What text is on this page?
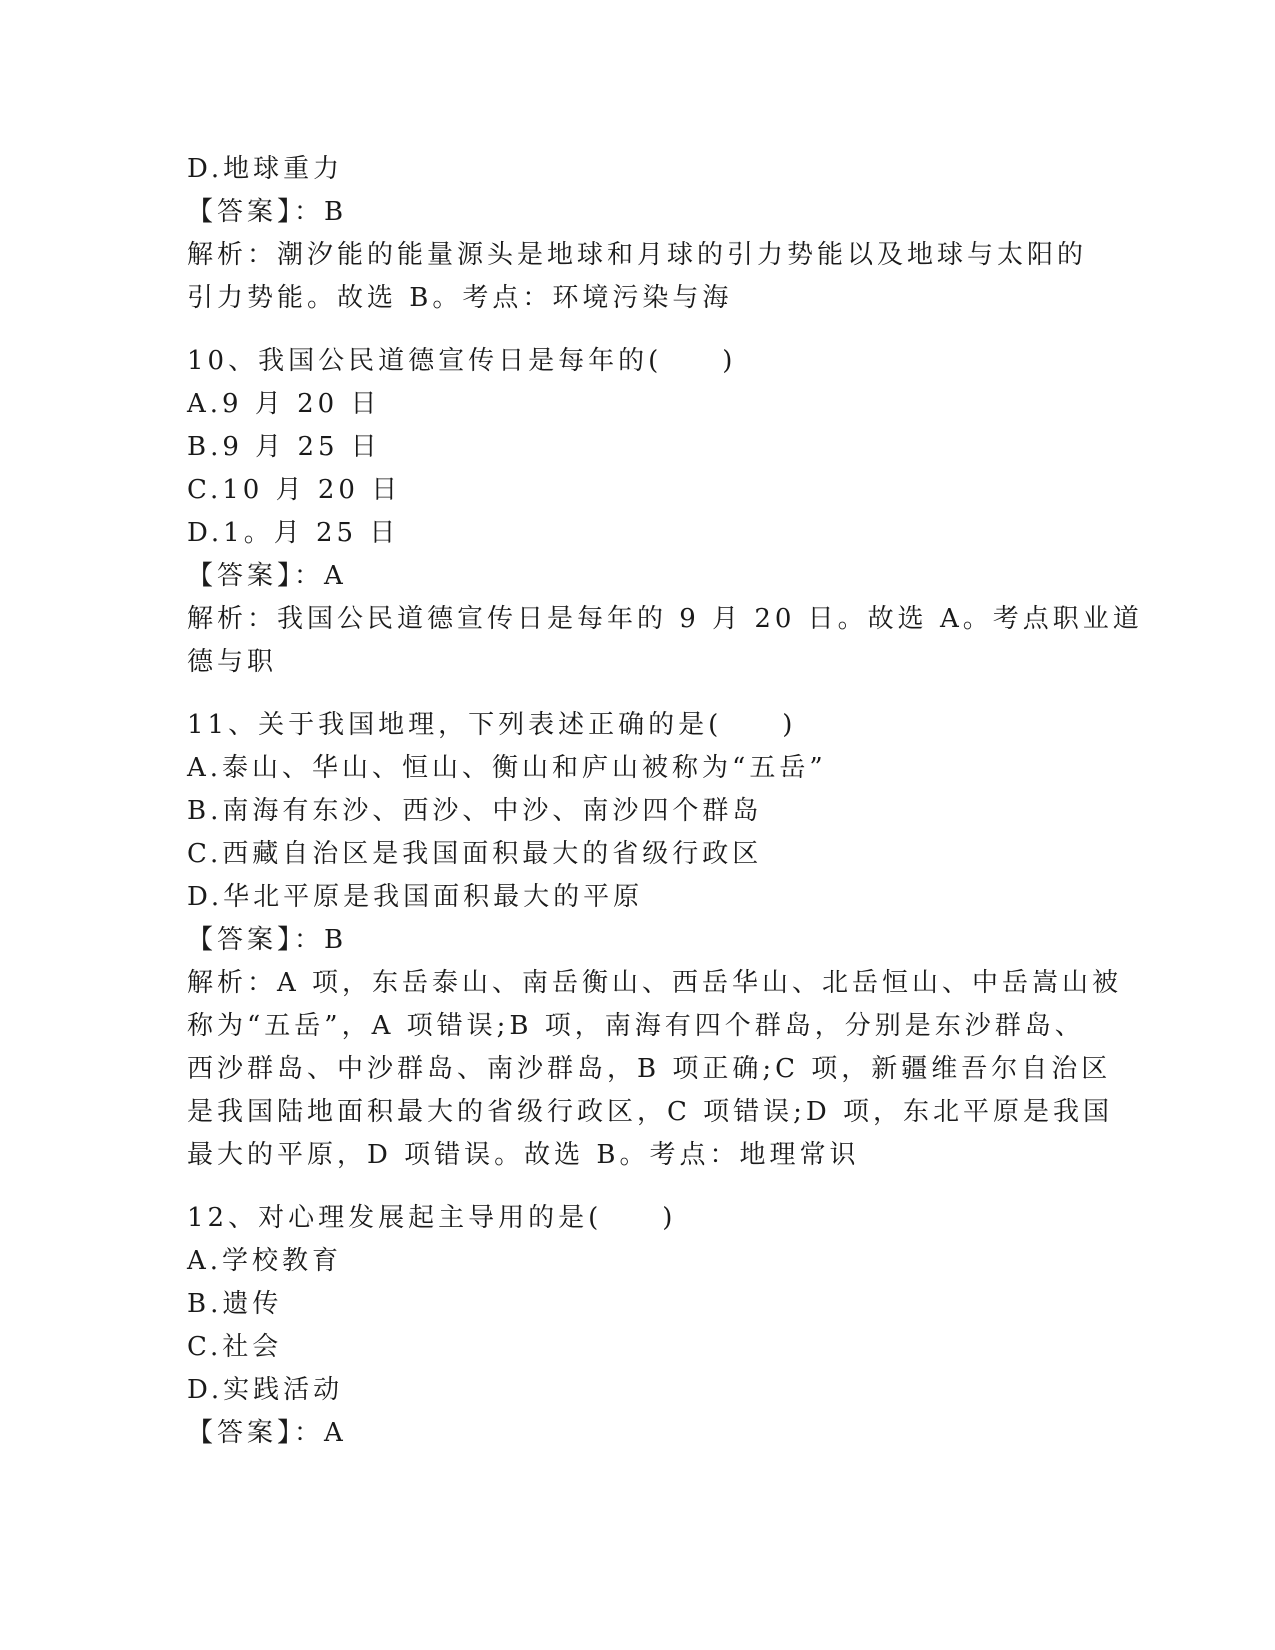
D.地球重力
【答案】：B
解析：潮汐能的能量源头是地球和月球的引力势能以及地球与太阳的
引力势能。故选 B。考点：环境污染与海
10、我国公民道德宣传日是每年的(　　)
A.9 月 20 日
B.9 月 25 日
C.10 月 20 日
D.1。月 25 日
【答案】：A
解析：我国公民道德宣传日是每年的 9 月 20 日。故选 A。考点职业道
德与职
11、关于我国地理，下列表述正确的是(　　)
A.泰山、华山、恒山、衡山和庐山被称为“五岳”
B.南海有东沙、西沙、中沙、南沙四个群岛
C.西藏自治区是我国面积最大的省级行政区
D.华北平原是我国面积最大的平原
【答案】：B
解析：A 项，东岳泰山、南岳衡山、西岳华山、北岳恒山、中岳嵩山被
称为“五岳”，A 项错误;B 项，南海有四个群岛，分别是东沙群岛、
西沙群岛、中沙群岛、南沙群岛，B 项正确;C 项，新疆维吾尔自治区
是我国陆地面积最大的省级行政区，C 项错误;D 项，东北平原是我国
最大的平原，D 项错误。故选 B。考点：地理常识
12、对心理发展起主导用的是(　　)
A.学校教育
B.遗传
C.社会
D.实践活动
【答案】：A
